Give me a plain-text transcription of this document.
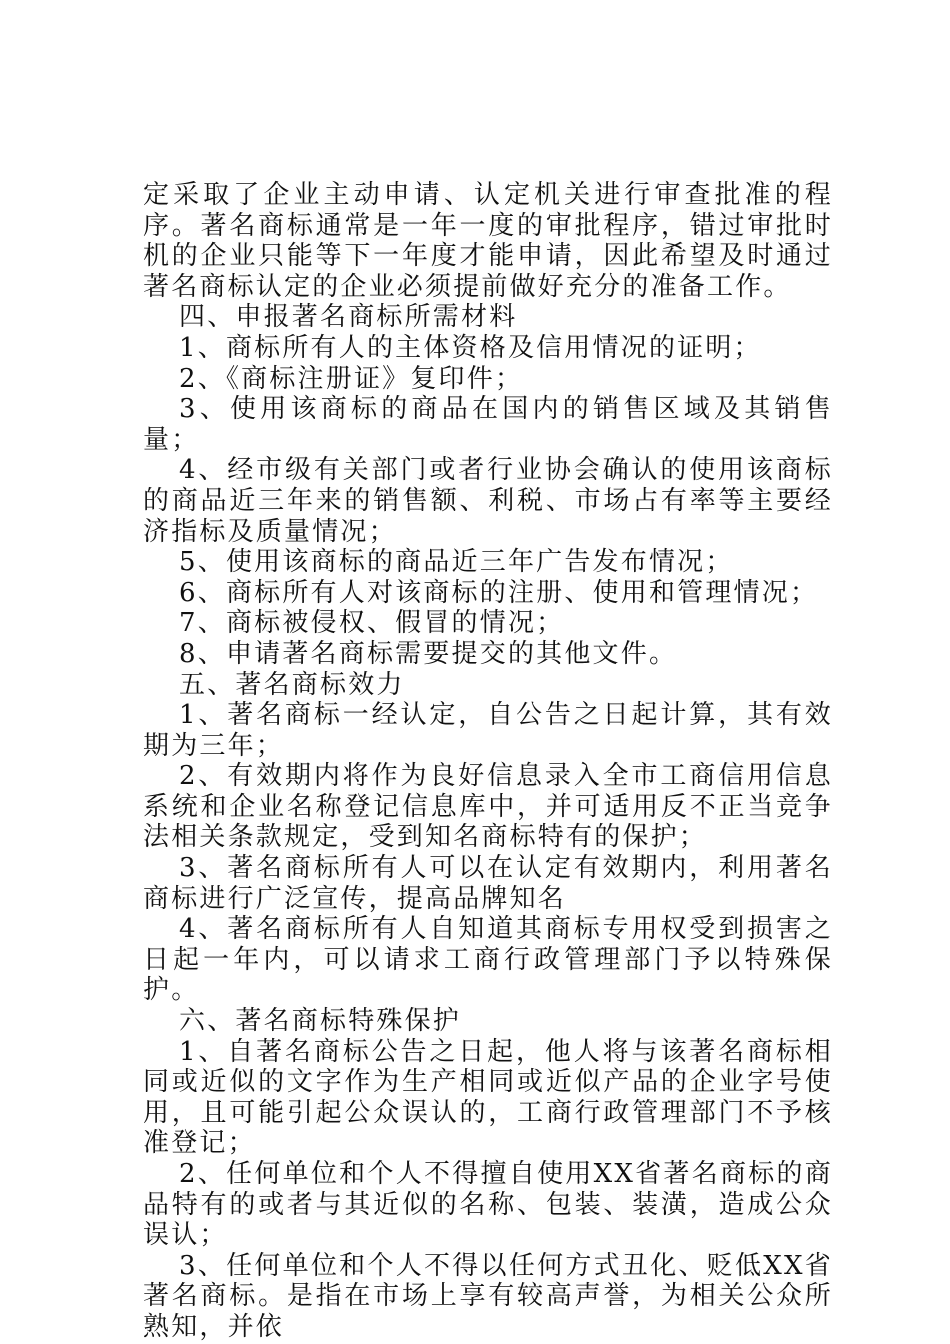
定采取了企业主动申请、认定机关进行审查批准的程序。著名商标通常是一年一度的审批程序，错过审批时机的企业只能等下一年度才能申请，因此希望及时通过著名商标认定的企业必须提前做好充分的准备工作。

四、申报著名商标所需材料

1、商标所有人的主体资格及信用情况的证明；

2、《商标注册证》复印件；

3、使用该商标的商品在国内的销售区域及其销售量；

4、经市级有关部门或者行业协会确认的使用该商标的商品近三年来的销售额、利税、市场占有率等主要经济指标及质量情况；

5、使用该商标的商品近三年广告发布情况；

6、商标所有人对该商标的注册、使用和管理情况；

7、商标被侵权、假冒的情况；

8、申请著名商标需要提交的其他文件。

五、著名商标效力

1、著名商标一经认定，自公告之日起计算，其有效期为三年；

2、有效期内将作为良好信息录入全市工商信用信息系统和企业名称登记信息库中，并可适用反不正当竞争法相关条款规定，受到知名商标特有的保护；

3、著名商标所有人可以在认定有效期内，利用著名商标进行广泛宣传，提高品牌知名

4、著名商标所有人自知道其商标专用权受到损害之日起一年内，可以请求工商行政管理部门予以特殊保护。

六、著名商标特殊保护

1、自著名商标公告之日起，他人将与该著名商标相同或近似的文字作为生产相同或近似产品的企业字号使用，且可能引起公众误认的，工商行政管理部门不予核准登记；

2、任何单位和个人不得擅自使用XX省著名商标的商品特有的或者与其近似的名称、包装、装潢，造成公众误认；

3、任何单位和个人不得以任何方式丑化、贬低XX省著名商标。是指在市场上享有较高声誉，为相关公众所熟知，并依
